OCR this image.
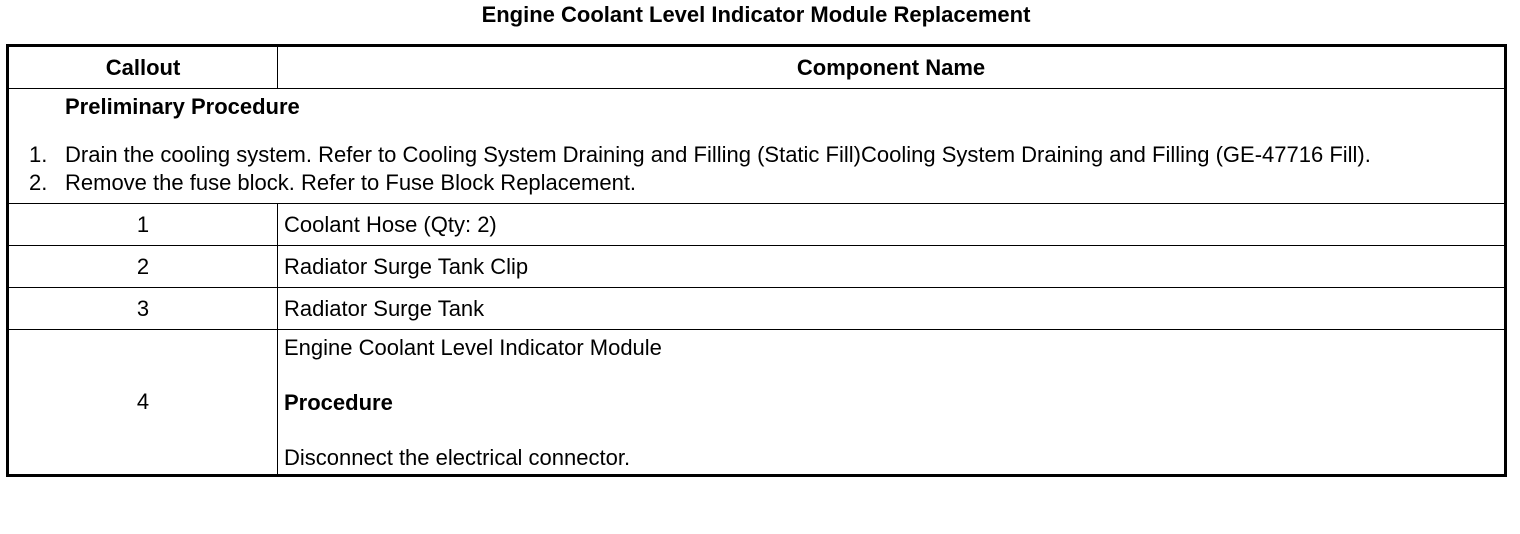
Engine Coolant Level Indicator Module Replacement
Callout	Component Name

Preliminary Procedure
1. Drain the cooling system. Refer to Cooling System Draining and Filling (Static Fill)Cooling System Draining and Filling (GE-47716 Fill).
2. Remove the fuse block. Refer to Fuse Block Replacement.	

1	Coolant Hose (Qty: 2)
2	Radiator Surge Tank Clip
3	Radiator Surge Tank
4	Engine Coolant Level Indicator Module

Procedure

Disconnect the electrical connector.
